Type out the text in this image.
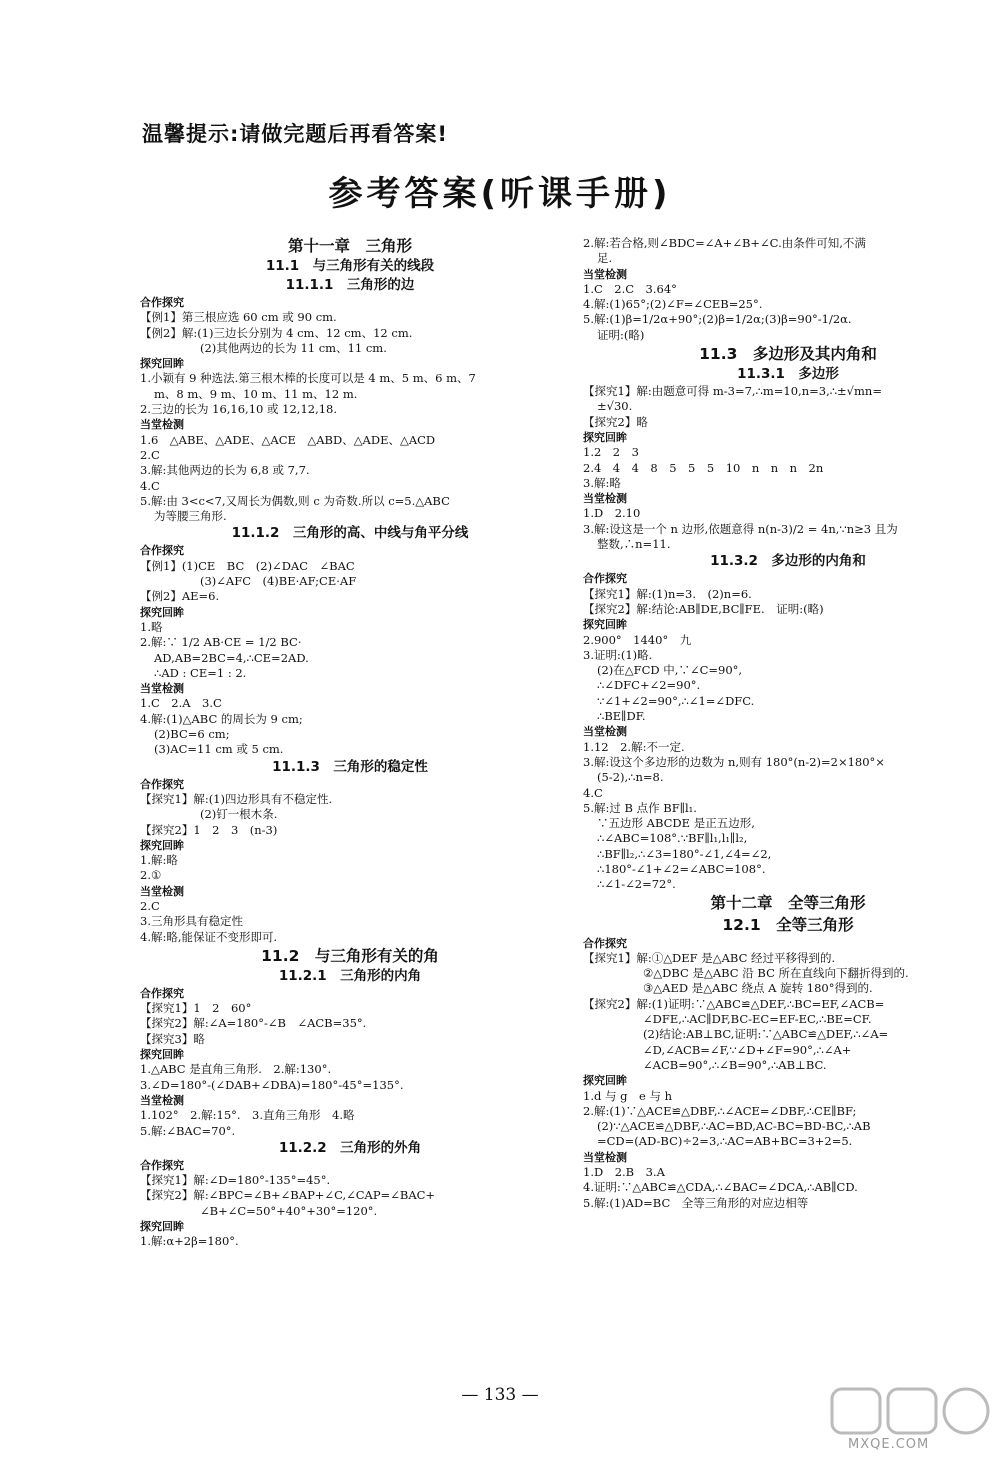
温馨提示:请做完题后再看答案!
参考答案(听课手册)
第十一章　三角形
11.1　与三角形有关的线段
11.1.1　三角形的边
合作探究
【例1】第三根应选 60 cm 或 90 cm.
【例2】解:(1)三边长分别为 4 cm、12 cm、12 cm.
(2)其他两边的长为 11 cm、11 cm.
探究回眸
1.小颖有 9 种选法.第三根木棒的长度可以是 4 m、5 m、6 m、7
m、8 m、9 m、10 m、11 m、12 m.
2.三边的长为 16,16,10 或 12,12,18.
当堂检测
1.6　△ABE、△ADE、△ACE　△ABD、△ADE、△ACD
2.C
3.解:其他两边的长为 6,8 或 7,7.
4.C
5.解:由 3<c<7,又周长为偶数,则 c 为奇数.所以 c=5.△ABC
为等腰三角形.
11.1.2　三角形的高、中线与角平分线
合作探究
【例1】(1)CE　BC　(2)∠DAC　∠BAC
(3)∠AFC　(4)BE·AF;CE·AF
【例2】AE=6.
探究回眸
1.略
2.解:∵ 1/2 AB·CE = 1/2 BC·
AD,AB=2BC=4,∴CE=2AD.
∴AD : CE=1 : 2.
当堂检测
1.C　2.A　3.C
4.解:(1)△ABC 的周长为 9 cm;
(2)BC=6 cm;
(3)AC=11 cm 或 5 cm.
11.1.3　三角形的稳定性
合作探究
【探究1】解:(1)四边形具有不稳定性.
(2)钉一根木条.
【探究2】1　2　3　(n-3)
探究回眸
1.解:略
2.①
当堂检测
2.C
3.三角形具有稳定性
4.解:略,能保证不变形即可.
11.2　与三角形有关的角
11.2.1　三角形的内角
合作探究
【探究1】1　2　60°
【探究2】解:∠A=180°-∠B　∠ACB=35°.
【探究3】略
探究回眸
1.△ABC 是直角三角形.　2.解:130°.
3.∠D=180°-(∠DAB+∠DBA)=180°-45°=135°.
当堂检测
1.102°　2.解:15°.　3.直角三角形　4.略
5.解:∠BAC=70°.
11.2.2　三角形的外角
合作探究
【探究1】解:∠D=180°-135°=45°.
【探究2】解:∠BPC=∠B+∠BAP+∠C,∠CAP=∠BAC+
∠B+∠C=50°+40°+30°=120°.
探究回眸
1.解:α+2β=180°.
2.解:若合格,则∠BDC=∠A+∠B+∠C.由条件可知,不满
足.
当堂检测
1.C　2.C　3.64°
4.解:(1)65°;(2)∠F=∠CEB=25°.
5.解:(1)β=1/2α+90°;(2)β=1/2α;(3)β=90°-1/2α.
证明:(略)
11.3　多边形及其内角和
11.3.1　多边形
【探究1】解:由题意可得 m-3=7,∴m=10,n=3,∴±√mn=
±√30.
【探究2】略
探究回眸
1.2　2　3
2.4　4　4　8　5　5　5　10　n　n　n　2n
3.解:略
当堂检测
1.D　2.10
3.解:设这是一个 n 边形,依题意得 n(n-3)/2 = 4n,∵n≥3 且为
整数,∴n=11.
11.3.2　多边形的内角和
合作探究
【探究1】解:(1)n=3.　(2)n=6.
【探究2】解:结论:AB∥DE,BC∥FE.　证明:(略)
探究回眸
2.900°　1440°　九
3.证明:(1)略.
(2)在△FCD 中,∵∠C=90°,
∴∠DFC+∠2=90°.
∵∠1+∠2=90°,∴∠1=∠DFC.
∴BE∥DF.
当堂检测
1.12　2.解:不一定.
3.解:设这个多边形的边数为 n,则有 180°(n-2)=2×180°×
(5-2),∴n=8.
4.C
5.解:过 B 点作 BF∥l₁.
∵五边形 ABCDE 是正五边形,
∴∠ABC=108°.∵BF∥l₁,l₁∥l₂,
∴BF∥l₂,∴∠3=180°-∠1,∠4=∠2,
∴180°-∠1+∠2=∠ABC=108°.
∴∠1-∠2=72°.
第十二章　全等三角形
12.1　全等三角形
合作探究
【探究1】解:①△DEF 是△ABC 经过平移得到的.
②△DBC 是△ABC 沿 BC 所在直线向下翻折得到的.
③△AED 是△ABC 绕点 A 旋转 180°得到的.
【探究2】解:(1)证明:∵△ABC≌△DEF,∴BC=EF,∠ACB=
∠DFE,∴AC∥DF,BC-EC=EF-EC,∴BE=CF.
(2)结论:AB⊥BC,证明:∵△ABC≌△DEF,∴∠A=
∠D,∠ACB=∠F,∵∠D+∠F=90°,∴∠A+
∠ACB=90°,∴∠B=90°,∴AB⊥BC.
探究回眸
1.d 与 g　e 与 h
2.解:(1)∵△ACE≌△DBF,∴∠ACE=∠DBF,∴CE∥BF;
(2)∵△ACE≌△DBF,∴AC=BD,AC-BC=BD-BC,∴AB
=CD=(AD-BC)÷2=3,∴AC=AB+BC=3+2=5.
当堂检测
1.D　2.B　3.A
4.证明:∵△ABC≌△CDA,∴∠BAC=∠DCA,∴AB∥CD.
5.解:(1)AD=BC　全等三角形的对应边相等
— 133 —
MXQE.COM
